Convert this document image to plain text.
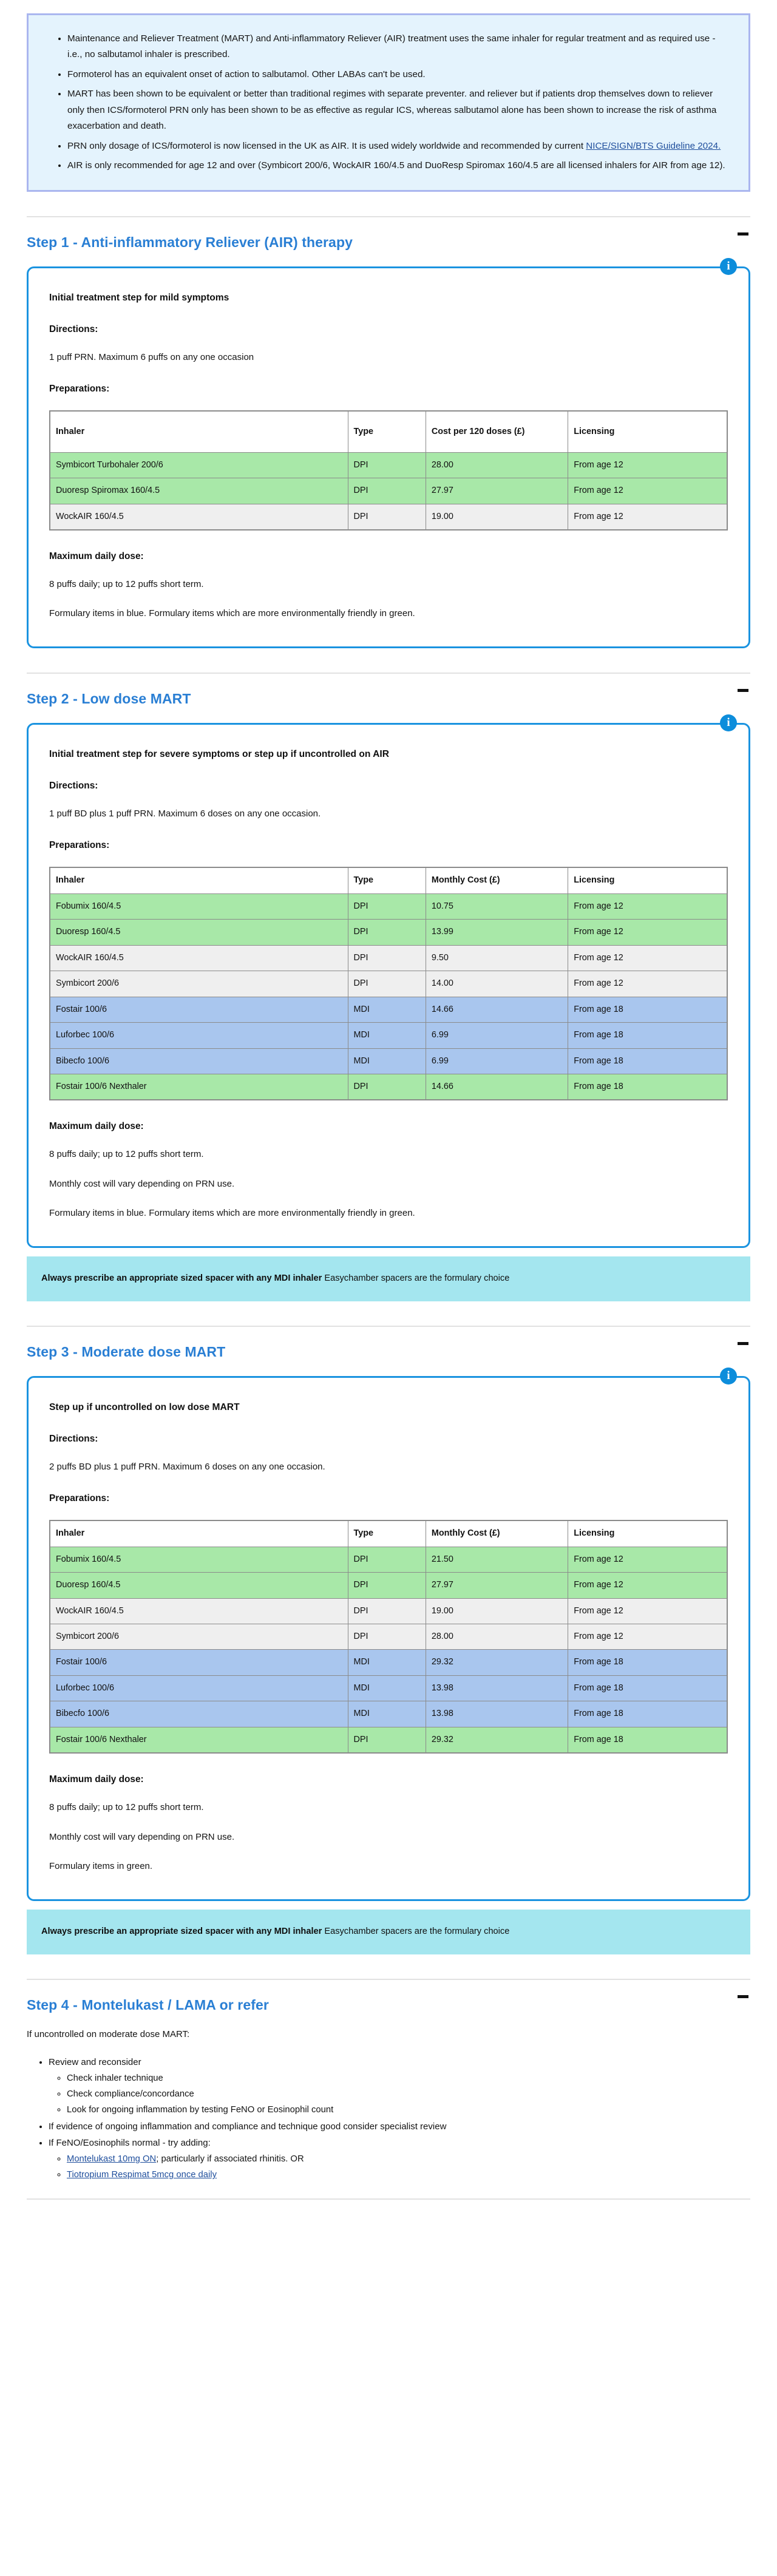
• Maintenance and Reliever Treatment (MART) and Anti-inflammatory Reliever (AIR) treatment uses the same inhaler for regular treatment and as required use - i.e., no salbutamol inhaler is prescribed.
• Formoterol has an equivalent onset of action to salbutamol. Other LABAs can't be used.
• MART has been shown to be equivalent or better than traditional regimes with separate preventer. and reliever but if patients drop themselves down to reliever only then ICS/formoterol PRN only has been shown to be as effective as regular ICS, whereas salbutamol alone has been shown to increase the risk of asthma exacerbation and death.
• PRN only dosage of ICS/formoterol is now licensed in the UK as AIR. It is used widely worldwide and recommended by current NICE/SIGN/BTS Guideline 2024.
• AIR is only recommended for age 12 and over (Symbicort 200/6, WockAIR 160/4.5 and DuoResp Spiromax 160/4.5 are all licensed inhalers for AIR from age 12).
Step 1 - Anti-inflammatory Reliever (AIR) therapy
i
Initial treatment step for mild symptoms
Directions:

1 puff PRN. Maximum 6 puffs on any one occasion

Preparations:
Inhaler	Type	Cost per 120 doses (£)	Licensing
Symbicort Turbohaler 200/6	DPI	28.00	From age 12
Duoresp Spiromax 160/4.5	DPI	27.97	From age 12
WockAIR 160/4.5	DPI	19.00	From age 12
Maximum daily dose:

8 puffs daily; up to 12 puffs short term.

Formulary items in blue. Formulary items which are more environmentally friendly in green.

Step 2 - Low dose MART
i
Initial treatment step for severe symptoms or step up if uncontrolled on AIR
Directions:

1 puff BD plus 1 puff PRN. Maximum 6 doses on any one occasion.

Preparations:
Inhaler	Type	Monthly Cost (£)	Licensing
Fobumix 160/4.5	DPI	10.75	From age 12
Duoresp 160/4.5	DPI	13.99	From age 12
WockAIR 160/4.5	DPI	9.50	From age 12
Symbicort 200/6	DPI	14.00	From age 12
Fostair 100/6	MDI	14.66	From age 18
Luforbec 100/6	MDI	6.99	From age 18
Bibecfo 100/6	MDI	6.99	From age 18
Fostair 100/6 Nexthaler	DPI	14.66	From age 18
Maximum daily dose:

8 puffs daily; up to 12 puffs short term.

Monthly cost will vary depending on PRN use.

Formulary items in blue. Formulary items which are more environmentally friendly in green.

Always prescribe an appropriate sized spacer with any MDI inhaler Easychamber spacers are the formulary choice
Step 3 - Moderate dose MART
i
Step up if uncontrolled on low dose MART
Directions:

2 puffs BD plus 1 puff PRN. Maximum 6 doses on any one occasion.

Preparations:
Inhaler	Type	Monthly Cost (£)	Licensing
Fobumix 160/4.5	DPI	21.50	From age 12
Duoresp 160/4.5	DPI	27.97	From age 12
WockAIR 160/4.5	DPI	19.00	From age 12
Symbicort 200/6	DPI	28.00	From age 12
Fostair 100/6	MDI	29.32	From age 18
Luforbec 100/6	MDI	13.98	From age 18
Bibecfo 100/6	MDI	13.98	From age 18
Fostair 100/6 Nexthaler	DPI	29.32	From age 18
Maximum daily dose:

8 puffs daily; up to 12 puffs short term.

Monthly cost will vary depending on PRN use.

Formulary items in green.

Always prescribe an appropriate sized spacer with any MDI inhaler Easychamber spacers are the formulary choice
Step 4 - Montelukast / LAMA or refer

If uncontrolled on moderate dose MART:

• Review and reconsider
◦ Check inhaler technique
◦ Check compliance/concordance
◦ Look for ongoing inflammation by testing FeNO or Eosinophil count
• If evidence of ongoing inflammation and compliance and technique good consider specialist review
• If FeNO/Eosinophils normal - try adding:
◦ Montelukast 10mg ON; particularly if associated rhinitis. OR
◦ Tiotropium Respimat 5mcg once daily
